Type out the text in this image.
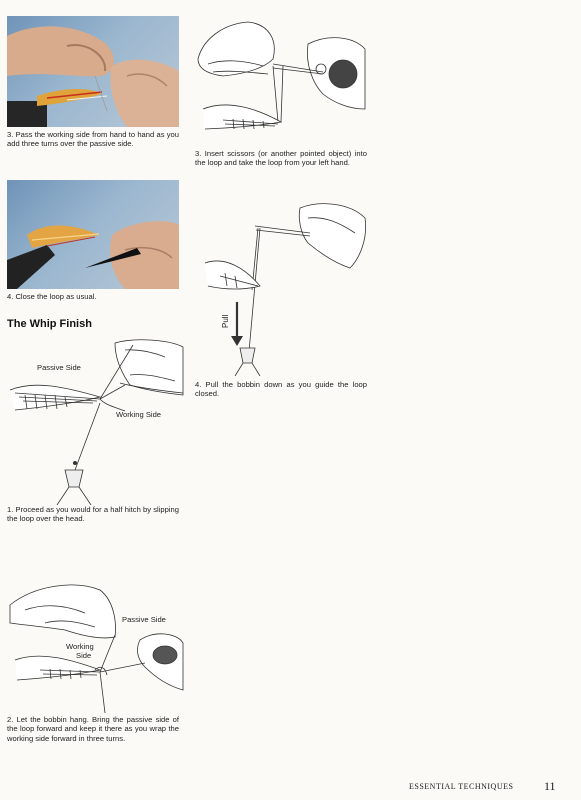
3. Pass the working side from hand to hand as you add three turns over the passive side.
4. Close the loop as usual.
The Whip Finish
Passive Side
Working Side
1. Proceed as you would for a half hitch by slipping the loop over the head.
Passive Side
Working
Side
2. Let the bobbin hang. Bring the passive side of the loop forward and keep it there as you wrap the working side forward in three turns.
3. Insert scissors (or another pointed object) into the loop and take the loop from your left hand.
Pull
4. Pull the bobbin down as you guide the loop closed.
ESSENTIAL TECHNIQUES	11
